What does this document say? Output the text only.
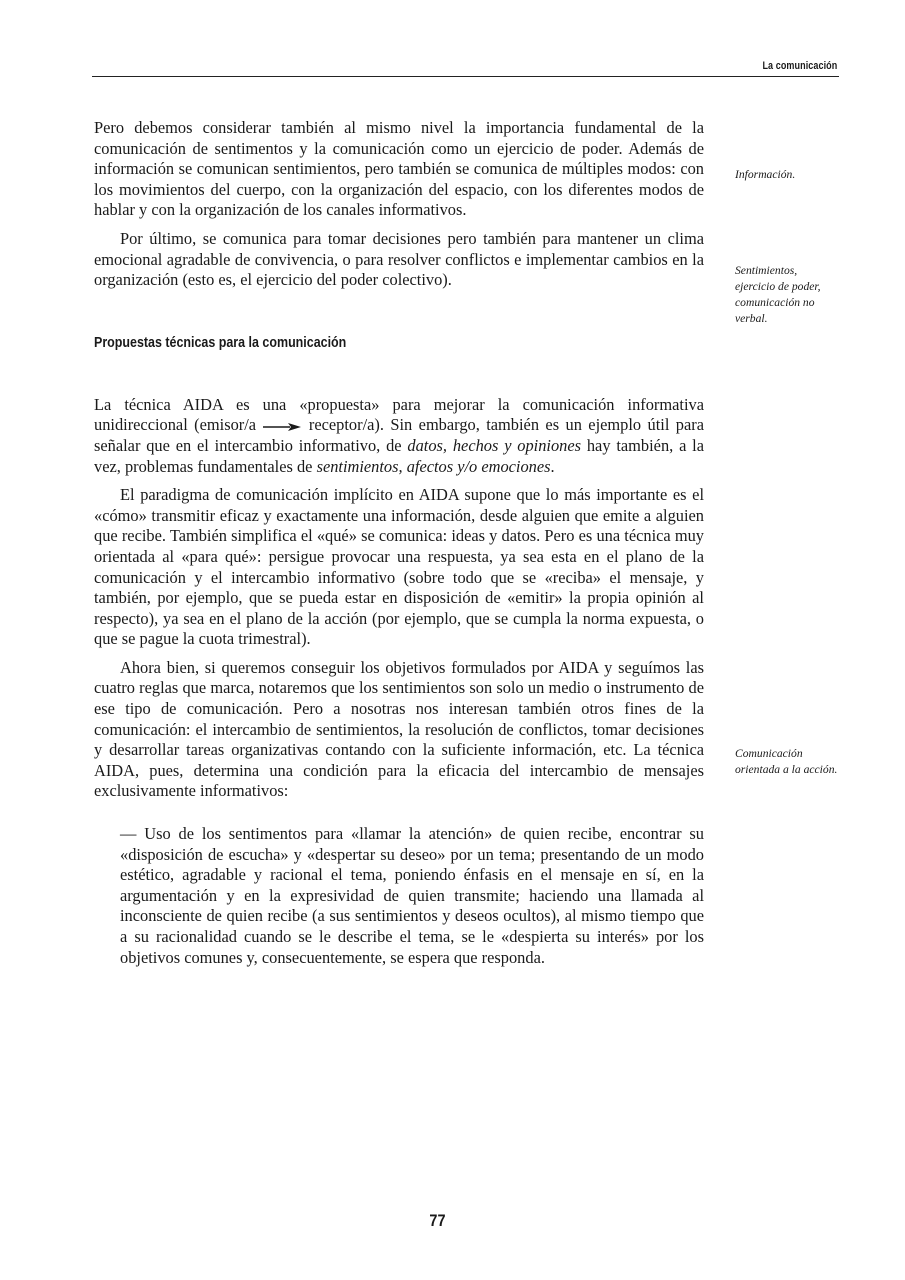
La comunicación

Pero debemos considerar también al mismo nivel la importancia fundamental de la comunicación de sentimentos y la comunicación como un ejercicio de poder. Además de información se comunican sentimientos, pero también se comunica de múltiples modos: con los movimientos del cuerpo, con la organización del espacio, con los diferentes modos de hablar y con la organización de los canales informativos.

Por último, se comunica para tomar decisiones pero también para mantener un clima emocional agradable de convivencia, o para resolver conflictos e implementar cambios en la organización (esto es, el ejercicio del poder colectivo).

Propuestas técnicas para la comunicación

La técnica AIDA es una «propuesta» para mejorar la comunicación informativa unidireccional (emisor/a  receptor/a). Sin embargo, también es un ejemplo útil para señalar que en el intercambio informativo, de datos, hechos y opiniones hay también, a la vez, problemas fundamentales de sentimientos, afectos y/o emociones.

El paradigma de comunicación implícito en AIDA supone que lo más importante es el «cómo» transmitir eficaz y exactamente una información, desde alguien que emite a alguien que recibe. También simplifica el «qué» se comunica: ideas y datos. Pero es una técnica muy orientada al «para qué»: persigue provocar una respuesta, ya sea esta en el plano de la comunicación y el intercambio informativo (sobre todo que se «reciba» el mensaje, y también, por ejemplo, que se pueda estar en disposición de «emitir» la propia opinión al respecto), ya sea en el plano de la acción (por ejemplo, que se cumpla la norma expuesta, o que se pague la cuota trimestral).

Ahora bien, si queremos conseguir los objetivos formulados por AIDA y seguímos las cuatro reglas que marca, notaremos que los sentimientos son solo un medio o instrumento de ese tipo de comunicación. Pero a nosotras nos interesan también otros fines de la comunicación: el intercambio de sentimientos, la resolución de conflictos, tomar decisiones y desarrollar tareas organizativas contando con la suficiente información, etc. La técnica AIDA, pues, determina una condición para la eficacia del intercambio de mensajes exclusivamente informativos:

— Uso de los sentimentos para «llamar la atención» de quien recibe, encontrar su «disposición de escucha» y «despertar su deseo» por un tema; presentando de un modo estético, agradable y racional el tema, poniendo énfasis en el mensaje en sí, en la argumentación y en la expresividad de quien transmite; haciendo una llamada al inconsciente de quien recibe (a sus sentimientos y deseos ocultos), al mismo tiempo que a su racionalidad cuando se le describe el tema, se le «despierta su interés» por los objetivos comunes y, consecuentemente, se espera que responda.

Información.
Sentimientos, ejercicio de poder, comunicación no verbal.
Comunicación orientada a la acción.
77
